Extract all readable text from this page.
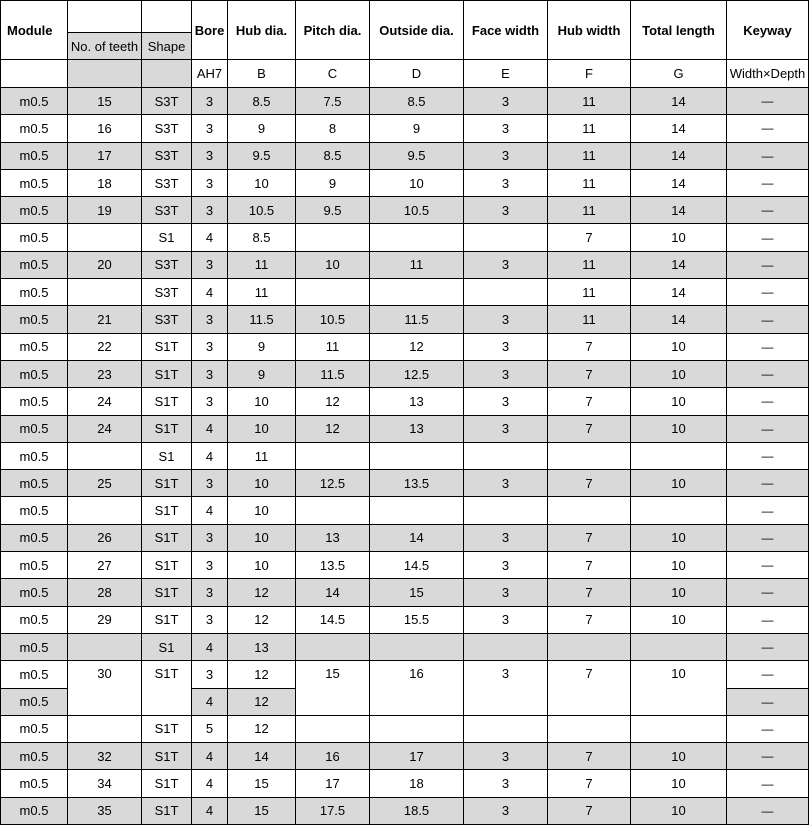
Module			Bore	Hub dia.	Pitch dia.	Outside dia.	Face width	Hub width	Total length	Keyway
	No. of teeth	Shape								
			AH7	B	C	D	E	F	G	Width×Depth
m0.5	15	S3T	3	8.5	7.5	8.5	3	11	14	—
m0.5	16	S3T	3	9	8	9	3	11	14	—
m0.5	17	S3T	3	9.5	8.5	9.5	3	11	14	—
m0.5	18	S3T	3	10	9	10	3	11	14	—
m0.5	19	S3T	3	10.5	9.5	10.5	3	11	14	—
m0.5		S1	4	8.5				7	10	—
m0.5	20	S3T	3	11	10	11	3	11	14	—
m0.5		S3T	4	11				11	14	—
m0.5	21	S3T	3	11.5	10.5	11.5	3	11	14	—
m0.5	22	S1T	3	9	11	12	3	7	10	—
m0.5	23	S1T	3	9	11.5	12.5	3	7	10	—
m0.5	24	S1T	3	10	12	13	3	7	10	—
m0.5	24	S1T	4	10	12	13	3	7	10	—
m0.5		S1	4	11						—
m0.5	25	S1T	3	10	12.5	13.5	3	7	10	—
m0.5		S1T	4	10						—
m0.5	26	S1T	3	10	13	14	3	7	10	—
m0.5	27	S1T	3	10	13.5	14.5	3	7	10	—
m0.5	28	S1T	3	12	14	15	3	7	10	—
m0.5	29	S1T	3	12	14.5	15.5	3	7	10	—
m0.5		S1	4	13						—
m0.5	30	S1T	3	12	15	16	3	7	10	—
m0.5			4	12						—
m0.5		S1T	5	12						—
m0.5	32	S1T	4	14	16	17	3	7	10	—
m0.5	34	S1T	4	15	17	18	3	7	10	—
m0.5	35	S1T	4	15	17.5	18.5	3	7	10	—
